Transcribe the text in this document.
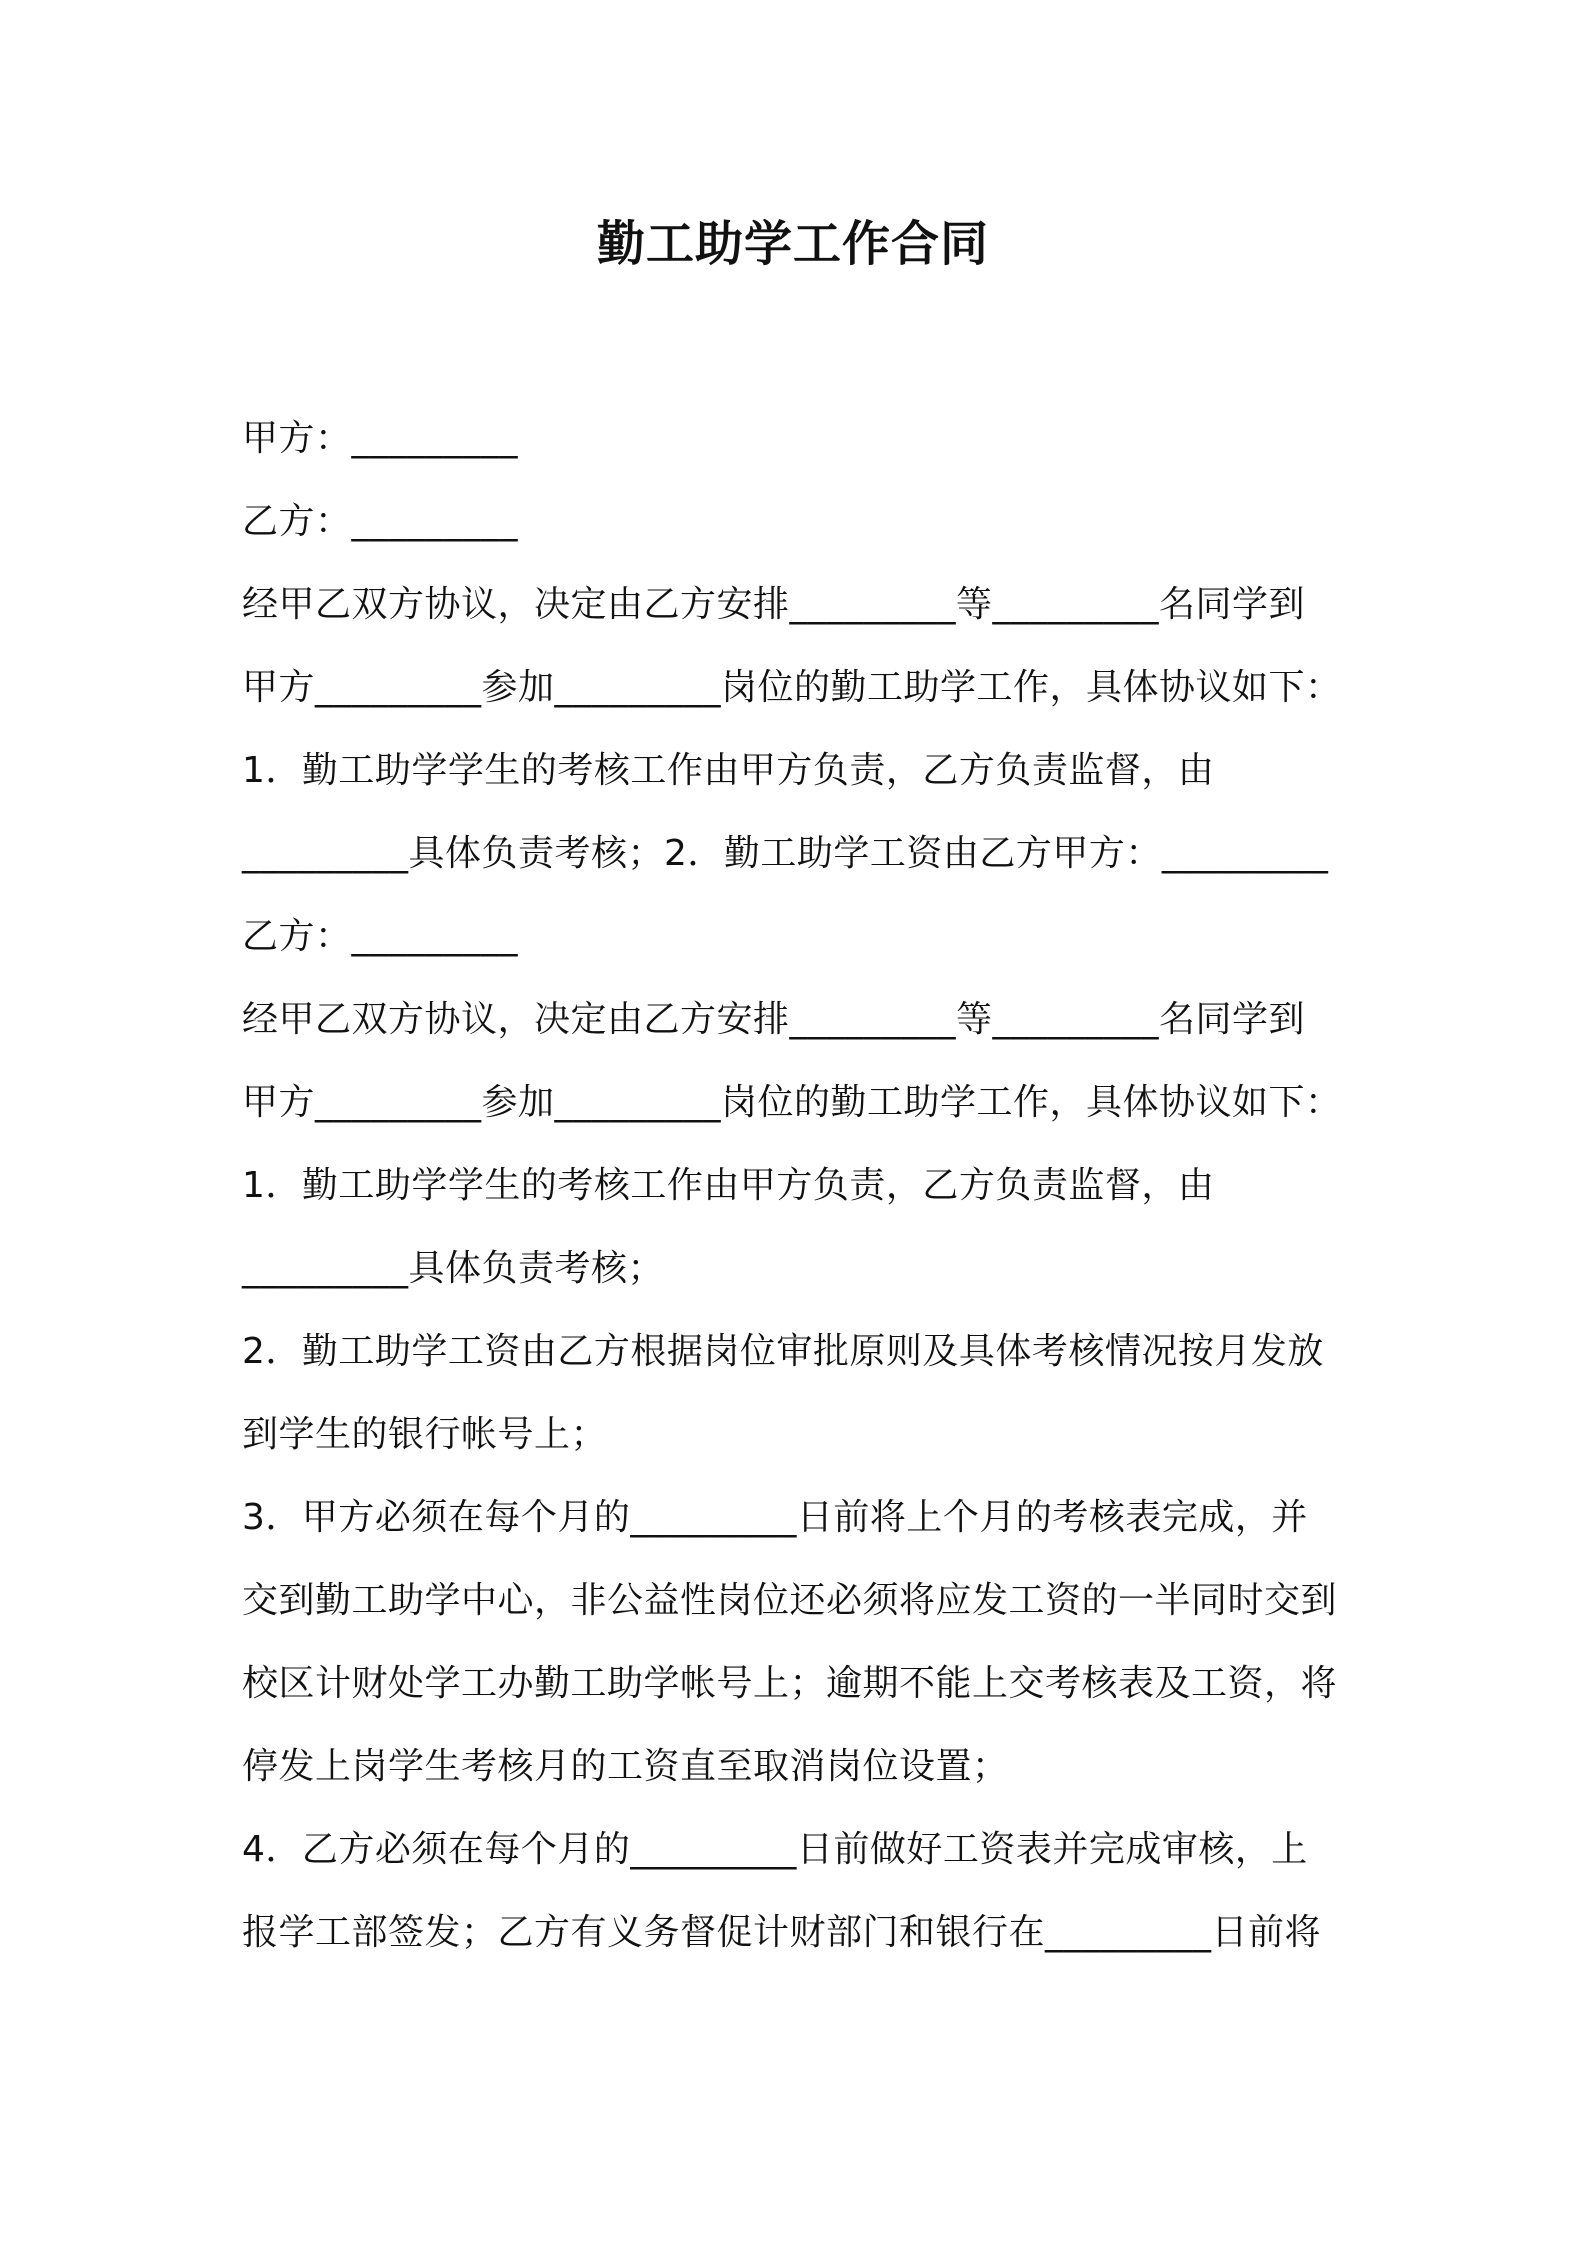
勤工助学工作合同
甲方：_________
乙方：_________
经甲乙双方协议，决定由乙方安排_________等_________名同学到
甲方_________参加_________岗位的勤工助学工作，具体协议如下：
1．勤工助学学生的考核工作由甲方负责，乙方负责监督，由
_________具体负责考核；2．勤工助学工资由乙方甲方：_________
乙方：_________
经甲乙双方协议，决定由乙方安排_________等_________名同学到
甲方_________参加_________岗位的勤工助学工作，具体协议如下：
1．勤工助学学生的考核工作由甲方负责，乙方负责监督，由
_________具体负责考核；
2．勤工助学工资由乙方根据岗位审批原则及具体考核情况按月发放
到学生的银行帐号上；
3．甲方必须在每个月的_________日前将上个月的考核表完成，并
交到勤工助学中心，非公益性岗位还必须将应发工资的一半同时交到
校区计财处学工办勤工助学帐号上；逾期不能上交考核表及工资，将
停发上岗学生考核月的工资直至取消岗位设置；
4．乙方必须在每个月的_________日前做好工资表并完成审核，上
报学工部签发；乙方有义务督促计财部门和银行在_________日前将
